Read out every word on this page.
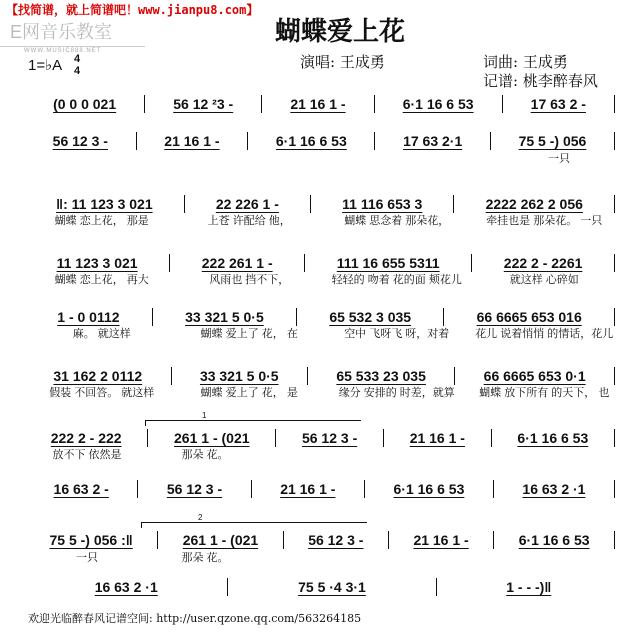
【找简谱，就上简谱吧！www.jianpu8.com】
E网音乐教室
WWW.MUSIC888.NET
蝴蝶爱上花
1=♭A 4
4	演唱: 王成勇	词曲: 王成勇
记谱: 桃李醉春风
(0 0 0 021	56 12 ²3 -	21 16 1 -	6·1 16 6 53	17 63 2 -
56 12 3 -	21 16 1 -	6·1 16 6 53	17 63 2·1	75 5 -) 056
一只
‖: 11 123 3 021	22 226 1 -	11 116 653 3	2222 262 2 056
蝴蝶 恋上花， 那是	上苍 许配给 他，	蝴蝶 思念着 那朵花，	牵挂也是 那朵花。 一只
11 123 3 021	222 261 1 -	111 16 655 5311	222 2 - 2261
蝴蝶 恋上花， 再大	风雨也 挡不下，	轻轻的 吻着 花的面 颊花儿	就这样 心碎如
1 - 0 0112	33 321 5 0·5	65 532 3 035	66 6665 653 016
麻。 就这样	蝴蝶 爱上了 花， 在	空中 飞呀飞 呀，对着	花儿 说着悄悄 的情话，花儿
31 162 2 0112	33 321 5 0·5	65 533 23 035	66 6665 653 0·1
假装 不回答。 就这样	蝴蝶 爱上了 花， 是	缘分 安排的 时差，就算	蝴蝶 放下所有 的天下， 也
222 2 - 222	261 1 - (021	56 12 3 -	21 16 1 -	6·1 16 6 53
放不下 依然是	那朵 花。
16 63 2 -	56 12 3 -	21 16 1 -	6·1 16 6 53	16 63 2 ·1
75 5 -) 056 :‖	261 1 - (021	56 12 3 -	21 16 1 -	6·1 16 6 53
一只	那朵 花。
16 63 2 ·1	75 5 ·4 3·1	1 - - -)‖
1
2
欢迎光临醉春风记谱空间: http://user.qzone.qq.com/563264185
